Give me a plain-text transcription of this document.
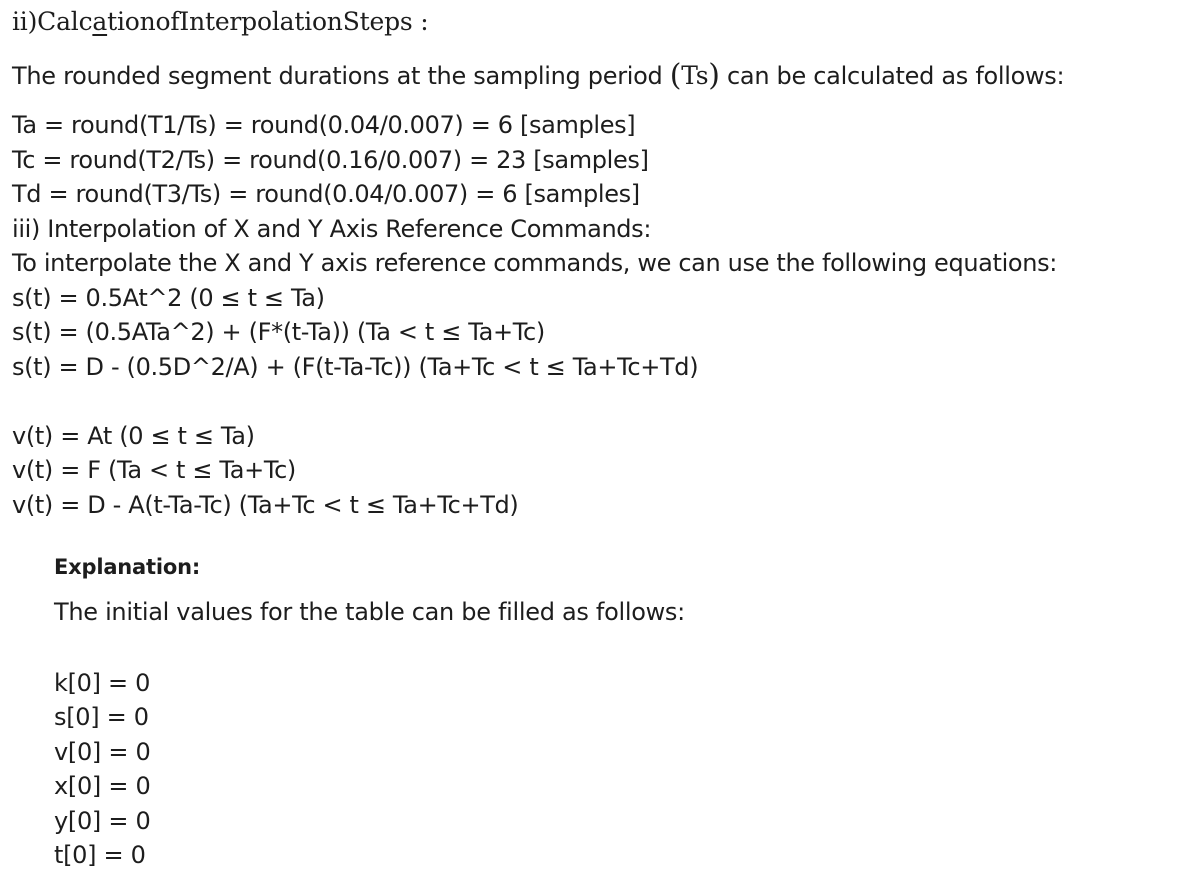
ii)CalcationofInterpolationSteps :
The rounded segment durations at the sampling period (Ts) can be calculated as follows:
Ta = round(T1/Ts) = round(0.04/0.007) = 6 [samples]
Tc = round(T2/Ts) = round(0.16/0.007) = 23 [samples]
Td = round(T3/Ts) = round(0.04/0.007) = 6 [samples]
iii) Interpolation of X and Y Axis Reference Commands:
To interpolate the X and Y axis reference commands, we can use the following equations:
s(t) = 0.5At^2 (0 ≤ t ≤ Ta)
s(t) = (0.5ATa^2) + (F*(t-Ta)) (Ta < t ≤ Ta+Tc)
s(t) = D - (0.5D^2/A) + (F(t-Ta-Tc)) (Ta+Tc < t ≤ Ta+Tc+Td)
v(t) = At (0 ≤ t ≤ Ta)
v(t) = F (Ta < t ≤ Ta+Tc)
v(t) = D - A(t-Ta-Tc) (Ta+Tc < t ≤ Ta+Tc+Td)
Explanation:
The initial values for the table can be filled as follows:
k[0] = 0
s[0] = 0
v[0] = 0
x[0] = 0
y[0] = 0
t[0] = 0
